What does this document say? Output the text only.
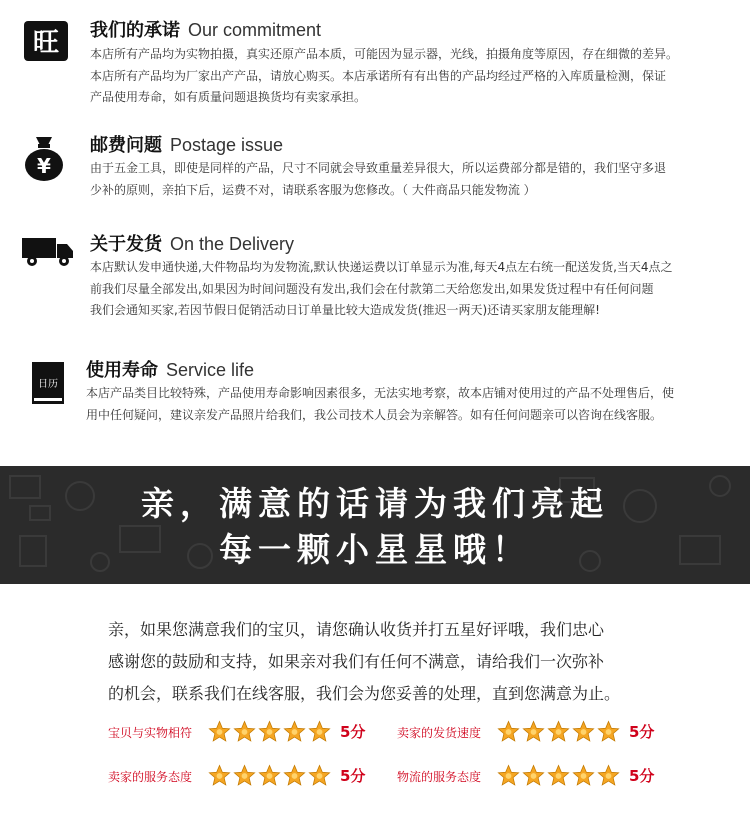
旺 我们的承诺 Our commitment

本店所有产品均为实物拍摄，真实还原产品本质，可能因为显示器，光线，拍摄角度等原因，存在细微的差异。

本店所有产品均为厂家出产产品，请放心购买。本店承诺所有有出售的产品均经过严格的入库质量检测，保证

产品使用寿命，如有质量问题退换货均有卖家承担。

¥
邮费问题 Postage issue

由于五金工具，即使是同样的产品，尺寸不同就会导致重量差异很大，所以运费部分都是错的，我们坚守多退

少补的原则，亲拍下后，运费不对，请联系客服为您修改。（ 大件商品只能发物流 ）

关于发货 On the Delivery

本店默认发申通快递,大件物品均为发物流,默认快递运费以订单显示为准,每天4点左右统一配送发货,当天4点之

前我们尽量全部发出,如果因为时间问题没有发出,我们会在付款第二天给您发出,如果发货过程中有任何问题

我们会通知买家,若因节假日促销活动日订单量比较大造成发货(推迟一两天)还请买家朋友能理解!

日历
使用寿命 Service life

本店产品类目比较特殊，产品使用寿命影响因素很多，无法实地考察，故本店铺对使用过的产品不处理售后，使

用中任何疑问，建议亲发产品照片给我们，我公司技术人员会为亲解答。如有任何问题亲可以咨询在线客服。

亲，满意的话请为我们亮起
每一颗小星星哦！

亲，如果您满意我们的宝贝，请您确认收货并打五星好评哦，我们忠心

感谢您的鼓励和支持，如果亲对我们有任何不满意，请给我们一次弥补

的机会，联系我们在线客服，我们会为您妥善的处理，直到您满意为止。

宝贝与实物相符	5分	卖家的发货速度	5分
卖家的服务态度	5分	物流的服务态度	5分
